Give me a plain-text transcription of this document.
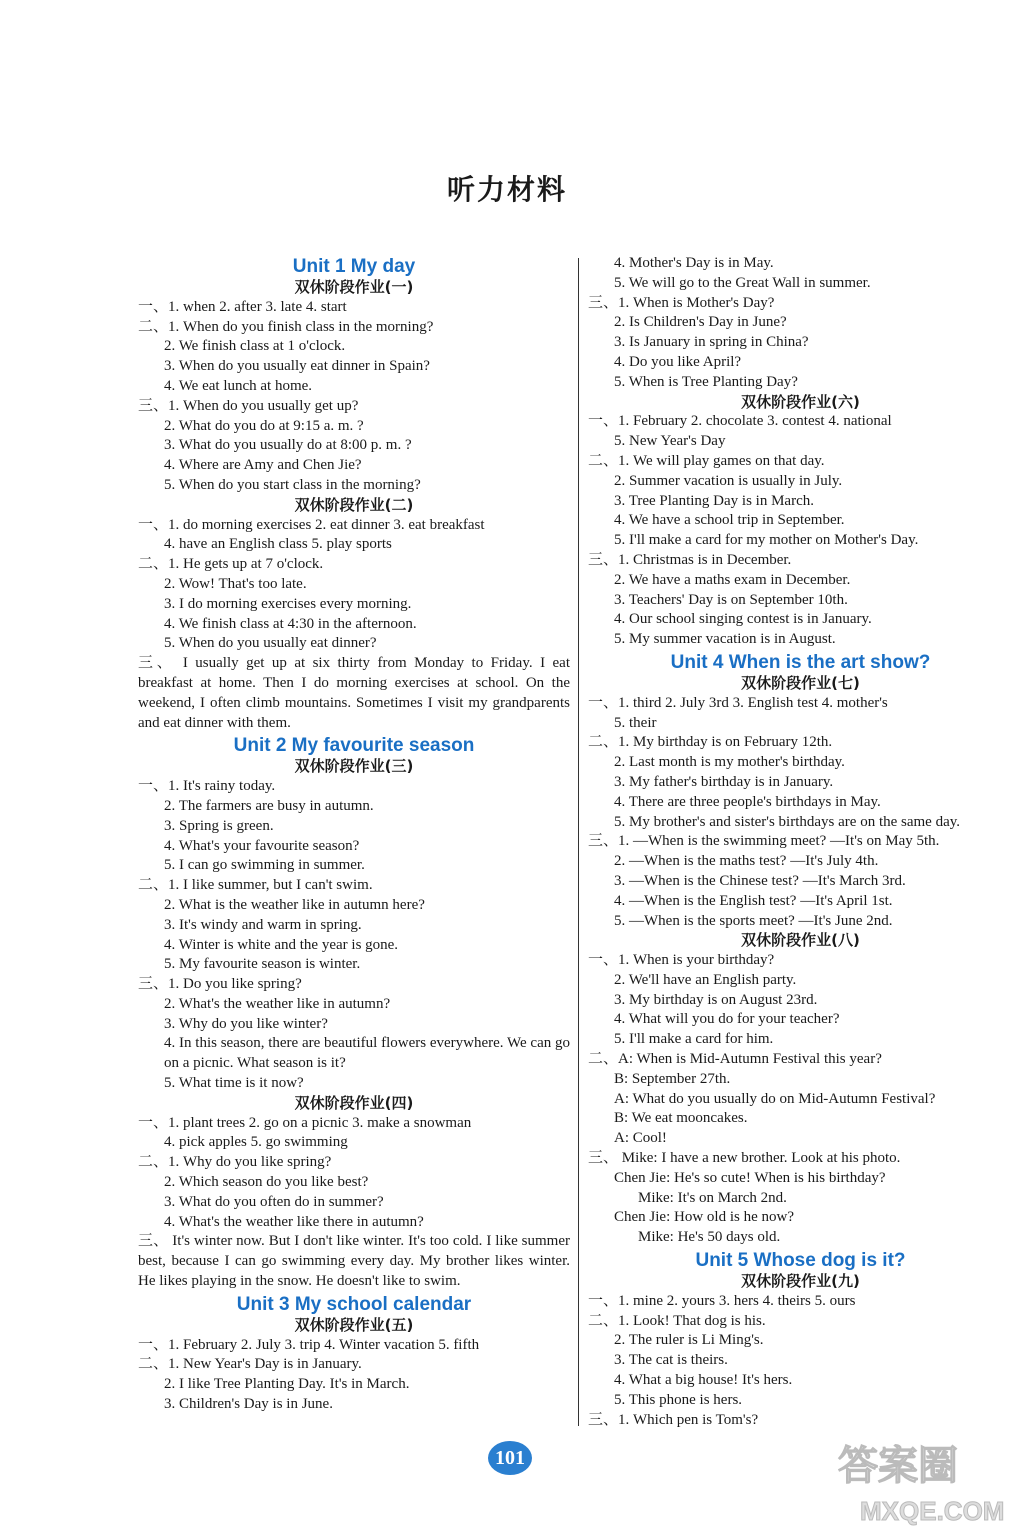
听力材料
Unit 1 My day
双休阶段作业(一)
一、1. when 2. after 3. late 4. start
二、1. When do you finish class in the morning?
2. We finish class at 1 o'clock.
3. When do you usually eat dinner in Spain?
4. We eat lunch at home.
三、1. When do you usually get up?
2. What do you do at 9:15 a. m. ?
3. What do you usually do at 8:00 p. m. ?
4. Where are Amy and Chen Jie?
5. When do you start class in the morning?
双休阶段作业(二)
一、1. do morning exercises 2. eat dinner 3. eat breakfast
4. have an English class 5. play sports
二、1. He gets up at 7 o'clock.
2. Wow! That's too late.
3. I do morning exercises every morning.
4. We finish class at 4:30 in the afternoon.
5. When do you usually eat dinner?
三、 I usually get up at six thirty from Monday to Friday. I eat breakfast at home. Then I do morning exercises at school. On the weekend, I often climb mountains. Sometimes I visit my grandparents and eat dinner with them.
Unit 2 My favourite season
双休阶段作业(三)
一、1. It's rainy today.
2. The farmers are busy in autumn.
3. Spring is green.
4. What's your favourite season?
5. I can go swimming in summer.
二、1. I like summer, but I can't swim.
2. What is the weather like in autumn here?
3. It's windy and warm in spring.
4. Winter is white and the year is gone.
5. My favourite season is winter.
三、1. Do you like spring?
2. What's the weather like in autumn?
3. Why do you like winter?
4. In this season, there are beautiful flowers everywhere. We can go on a picnic. What season is it?
5. What time is it now?
双休阶段作业(四)
一、1. plant trees 2. go on a picnic 3. make a snowman
4. pick apples 5. go swimming
二、1. Why do you like spring?
2. Which season do you like best?
3. What do you often do in summer?
4. What's the weather like there in autumn?
三、 It's winter now. But I don't like winter. It's too cold. I like summer best, because I can go swimming every day. My brother likes winter. He likes playing in the snow. He doesn't like to swim.
Unit 3 My school calendar
双休阶段作业(五)
一、1. February 2. July 3. trip 4. Winter vacation 5. fifth
二、1. New Year's Day is in January.
2. I like Tree Planting Day. It's in March.
3. Children's Day is in June.
4. Mother's Day is in May.
5. We will go to the Great Wall in summer.
三、1. When is Mother's Day?
2. Is Children's Day in June?
3. Is January in spring in China?
4. Do you like April?
5. When is Tree Planting Day?
双休阶段作业(六)
一、1. February 2. chocolate 3. contest 4. national
5. New Year's Day
二、1. We will play games on that day.
2. Summer vacation is usually in July.
3. Tree Planting Day is in March.
4. We have a school trip in September.
5. I'll make a card for my mother on Mother's Day.
三、1. Christmas is in December.
2. We have a maths exam in December.
3. Teachers' Day is on September 10th.
4. Our school singing contest is in January.
5. My summer vacation is in August.
Unit 4 When is the art show?
双休阶段作业(七)
一、1. third 2. July 3rd 3. English test 4. mother's
5. their
二、1. My birthday is on February 12th.
2. Last month is my mother's birthday.
3. My father's birthday is in January.
4. There are three people's birthdays in May.
5. My brother's and sister's birthdays are on the same day.
三、1. —When is the swimming meet? —It's on May 5th.
2. —When is the maths test? —It's July 4th.
3. —When is the Chinese test? —It's March 3rd.
4. —When is the English test? —It's April 1st.
5. —When is the sports meet? —It's June 2nd.
双休阶段作业(八)
一、1. When is your birthday?
2. We'll have an English party.
3. My birthday is on August 23rd.
4. What will you do for your teacher?
5. I'll make a card for him.
二、A: When is Mid-Autumn Festival this year?
B: September 27th.
A: What do you usually do on Mid-Autumn Festival?
B: We eat mooncakes.
A: Cool!
三、 Mike: I have a new brother. Look at his photo.
Chen Jie: He's so cute! When is his birthday?
Mike: It's on March 2nd.
Chen Jie: How old is he now?
Mike: He's 50 days old.
Unit 5 Whose dog is it?
双休阶段作业(九)
一、1. mine 2. yours 3. hers 4. theirs 5. ours
二、1. Look! That dog is his.
2. The ruler is Li Ming's.
3. The cat is theirs.
4. What a big house! It's hers.
5. This phone is hers.
三、1. Which pen is Tom's?
101	答案圈
MXQE.COM
